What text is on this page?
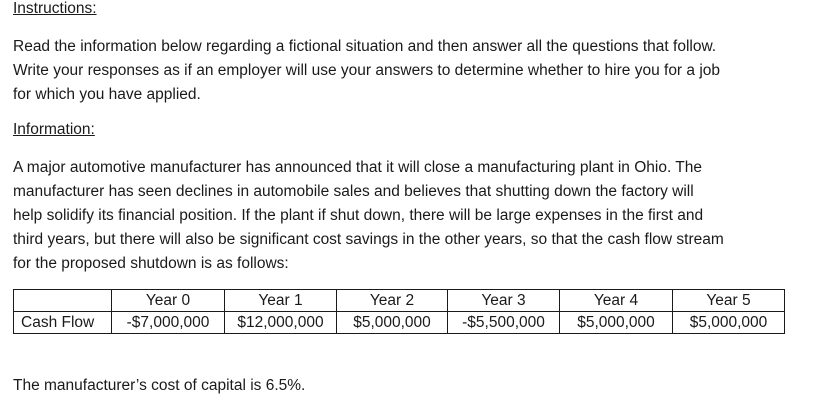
Instructions:
Read the information below regarding a fictional situation and then answer all the questions that follow.
Write your responses as if an employer will use your answers to determine whether to hire you for a job
for which you have applied.
Information:
A major automotive manufacturer has announced that it will close a manufacturing plant in Ohio. The
manufacturer has seen declines in automobile sales and believes that shutting down the factory will
help solidify its financial position. If the plant if shut down, there will be large expenses in the first and
third years, but there will also be significant cost savings in the other years, so that the cash flow stream
for the proposed shutdown is as follows:
	Year 0	Year 1	Year 2	Year 3	Year 4	Year 5
Cash Flow	-$7,000,000	$12,000,000	$5,000,000	-$5,500,000	$5,000,000	$5,000,000
The manufacturer’s cost of capital is 6.5%.
